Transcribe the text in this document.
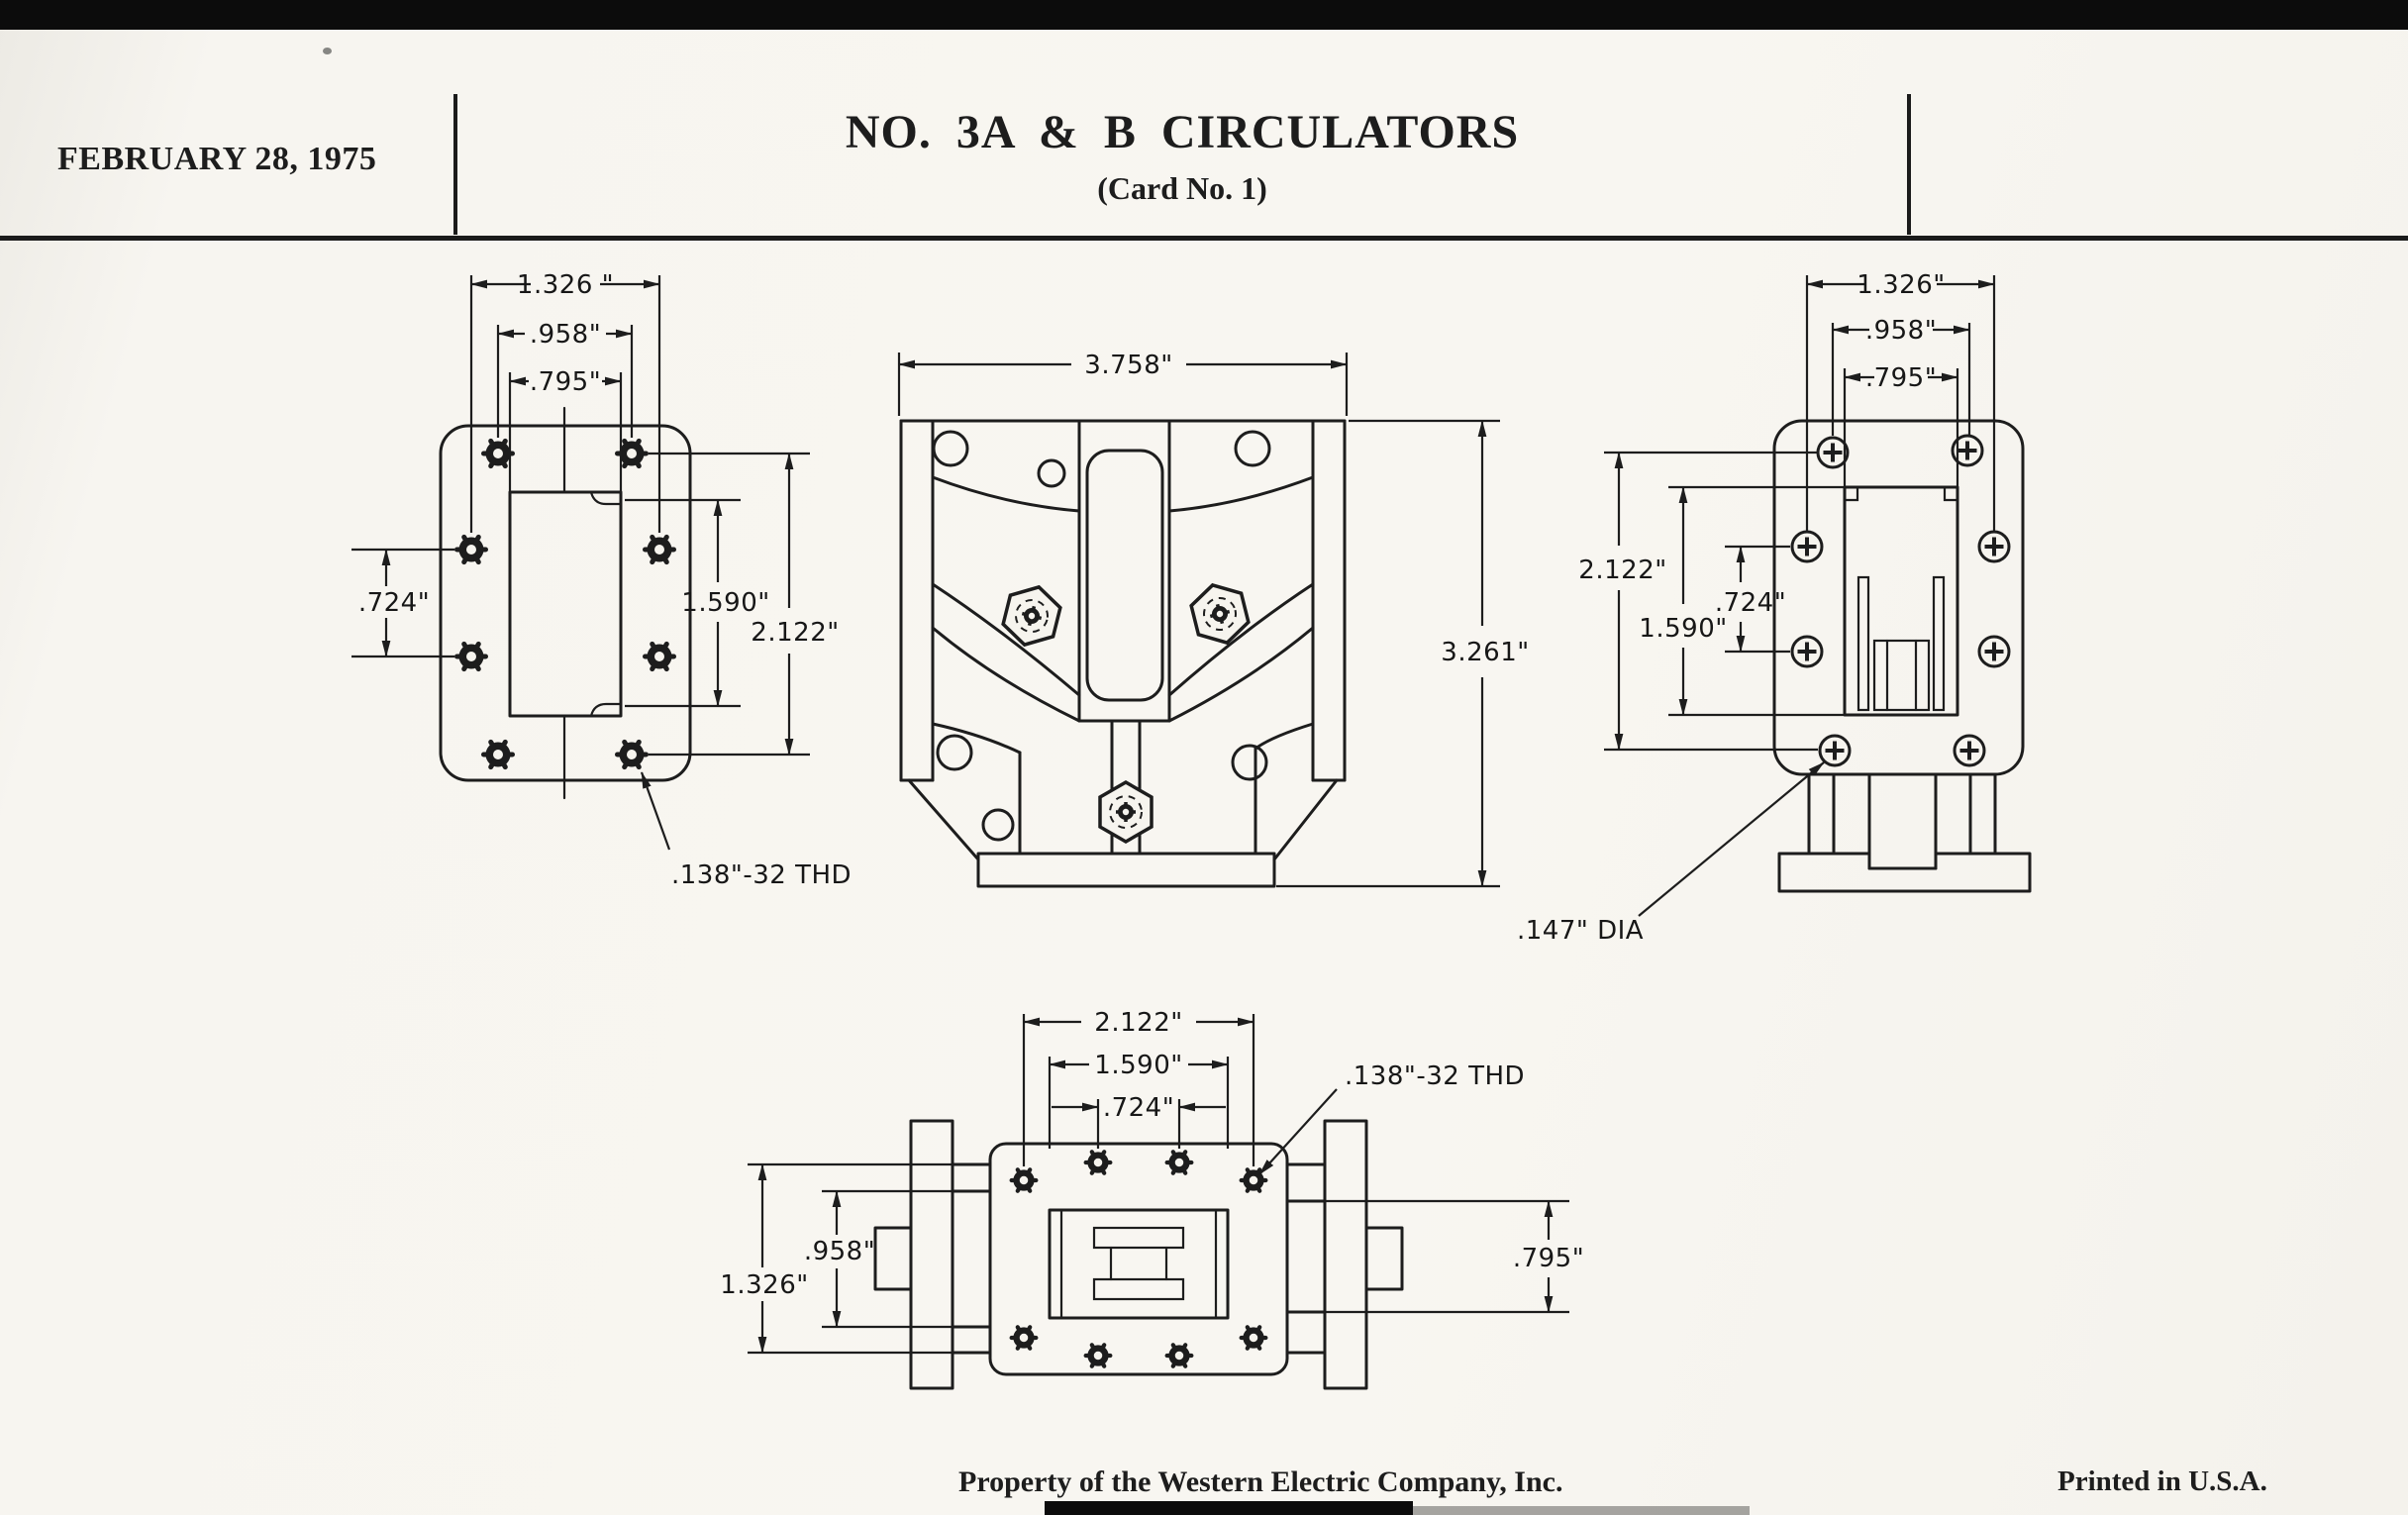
FEBRUARY 28, 1975
NO. 3A & B CIRCULATORS
(Card No. 1)
1.326 "
.958"
.795"
.724"	1.590"
2.122"
.138"-32 THD
3.758"
3.261"
1.326"
.958"
.795"
2.122"
1.590"
.724"
.147" DIA
2.122"
1.590"
.724"
.138"-32 THD
1.326"
.958"	.795"
Property of the Western Electric Company, Inc.	Printed in U.S.A.
